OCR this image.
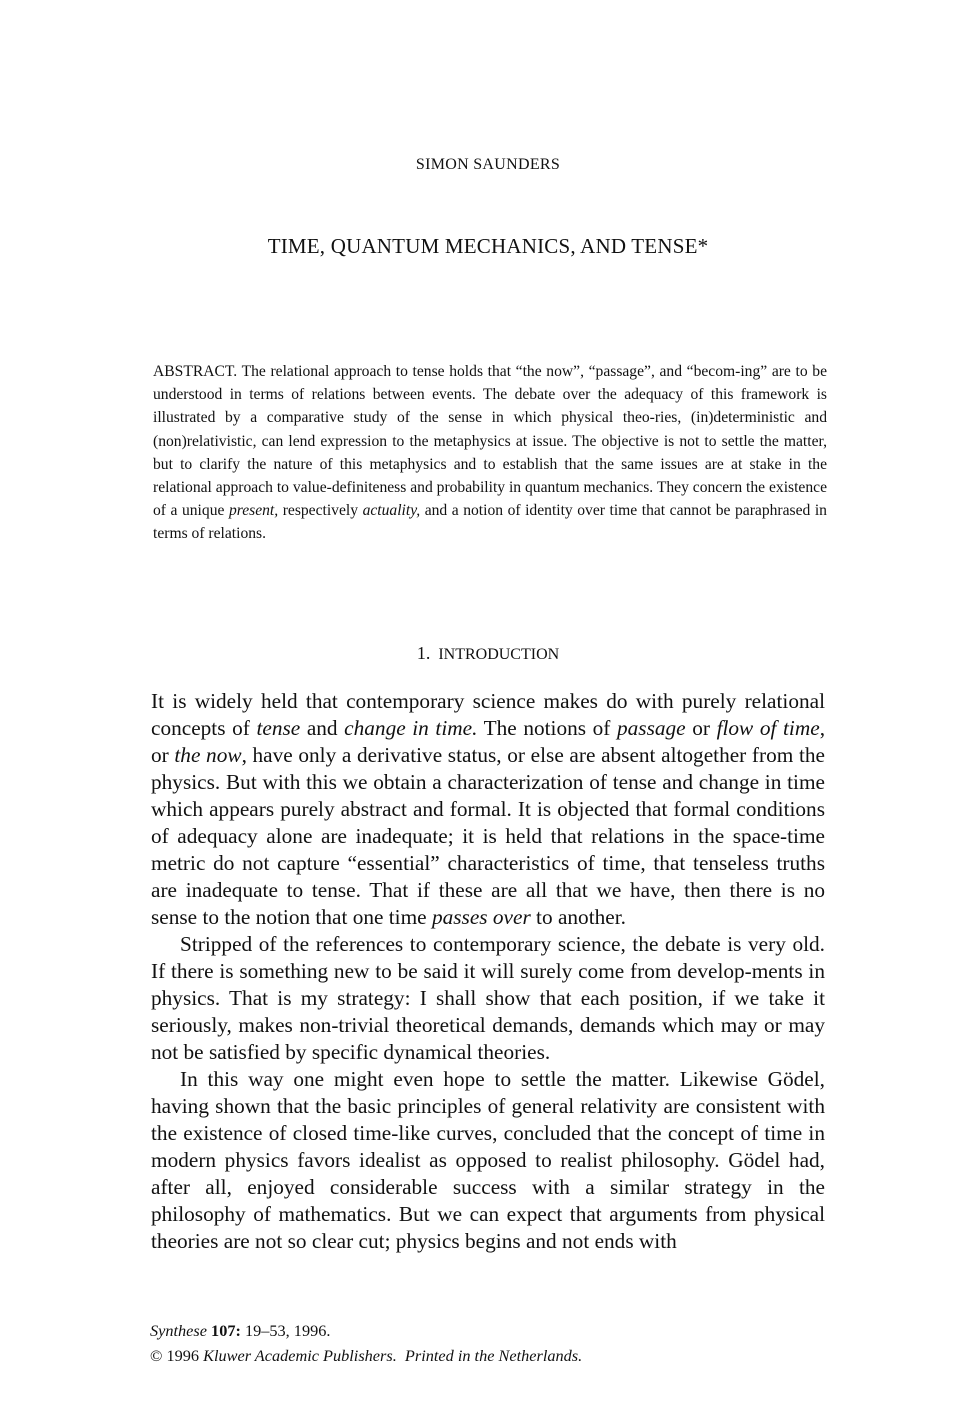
SIMON SAUNDERS
TIME, QUANTUM MECHANICS, AND TENSE*

ABSTRACT. The relational approach to tense holds that “the now”, “passage”, and “becom-ing” are to be understood in terms of relations between events. The debate over the adequacy of this framework is illustrated by a comparative study of the sense in which physical theo-ries, (in)deterministic and (non)relativistic, can lend expression to the metaphysics at issue. The objective is not to settle the matter, but to clarify the nature of this metaphysics and to establish that the same issues are at stake in the relational approach to value-definiteness and probability in quantum mechanics. They concern the existence of a unique present, respectively actuality, and a notion of identity over time that cannot be paraphrased in terms of relations.

1. INTRODUCTION

It is widely held that contemporary science makes do with purely relational concepts of tense and change in time. The notions of passage or flow of time, or the now, have only a derivative status, or else are absent altogether from the physics. But with this we obtain a characterization of tense and change in time which appears purely abstract and formal. It is objected that formal conditions of adequacy alone are inadequate; it is held that relations in the space-time metric do not capture “essential” characteristics of time, that tenseless truths are inadequate to tense. That if these are all that we have, then there is no sense to the notion that one time passes over to another.

Stripped of the references to contemporary science, the debate is very old. If there is something new to be said it will surely come from develop-ments in physics. That is my strategy: I shall show that each position, if we take it seriously, makes non-trivial theoretical demands, demands which may or may not be satisfied by specific dynamical theories.

In this way one might even hope to settle the matter. Likewise Gödel, having shown that the basic principles of general relativity are consistent with the existence of closed time-like curves, concluded that the concept of time in modern physics favors idealist as opposed to realist philosophy. Gödel had, after all, enjoyed considerable success with a similar strategy in the philosophy of mathematics. But we can expect that arguments from physical theories are not so clear cut; physics begins and not ends with

Synthese 107: 19–53, 1996.
© 1996 Kluwer Academic Publishers. Printed in the Netherlands.
